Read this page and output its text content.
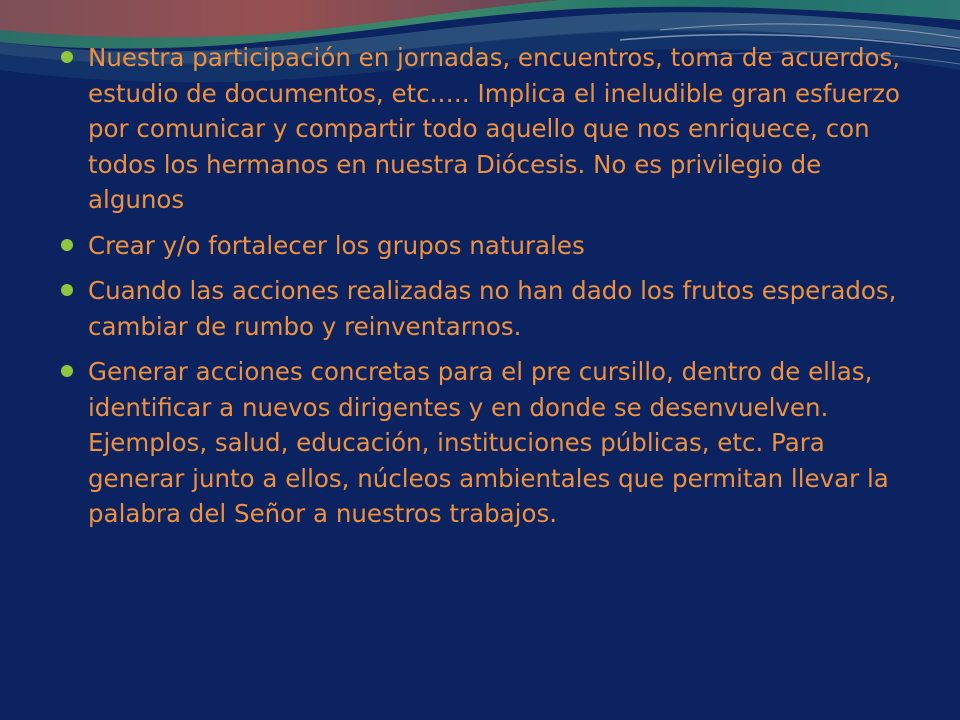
Nuestra participación en jornadas, encuentros, toma de acuerdos, estudio de documentos, etc.…. Implica el ineludible gran esfuerzo por comunicar y compartir todo aquello que nos enriquece, con todos los hermanos en nuestra Diócesis. No es privilegio de algunos
Crear y/o fortalecer los grupos naturales
Cuando las acciones realizadas no han dado los frutos esperados, cambiar de rumbo y reinventarnos.
Generar acciones concretas para el pre cursillo, dentro de ellas, identificar a nuevos dirigentes y en donde se desenvuelven. Ejemplos, salud, educación, instituciones públicas, etc. Para generar junto a ellos, núcleos ambientales que permitan llevar la palabra del Señor a nuestros trabajos.
